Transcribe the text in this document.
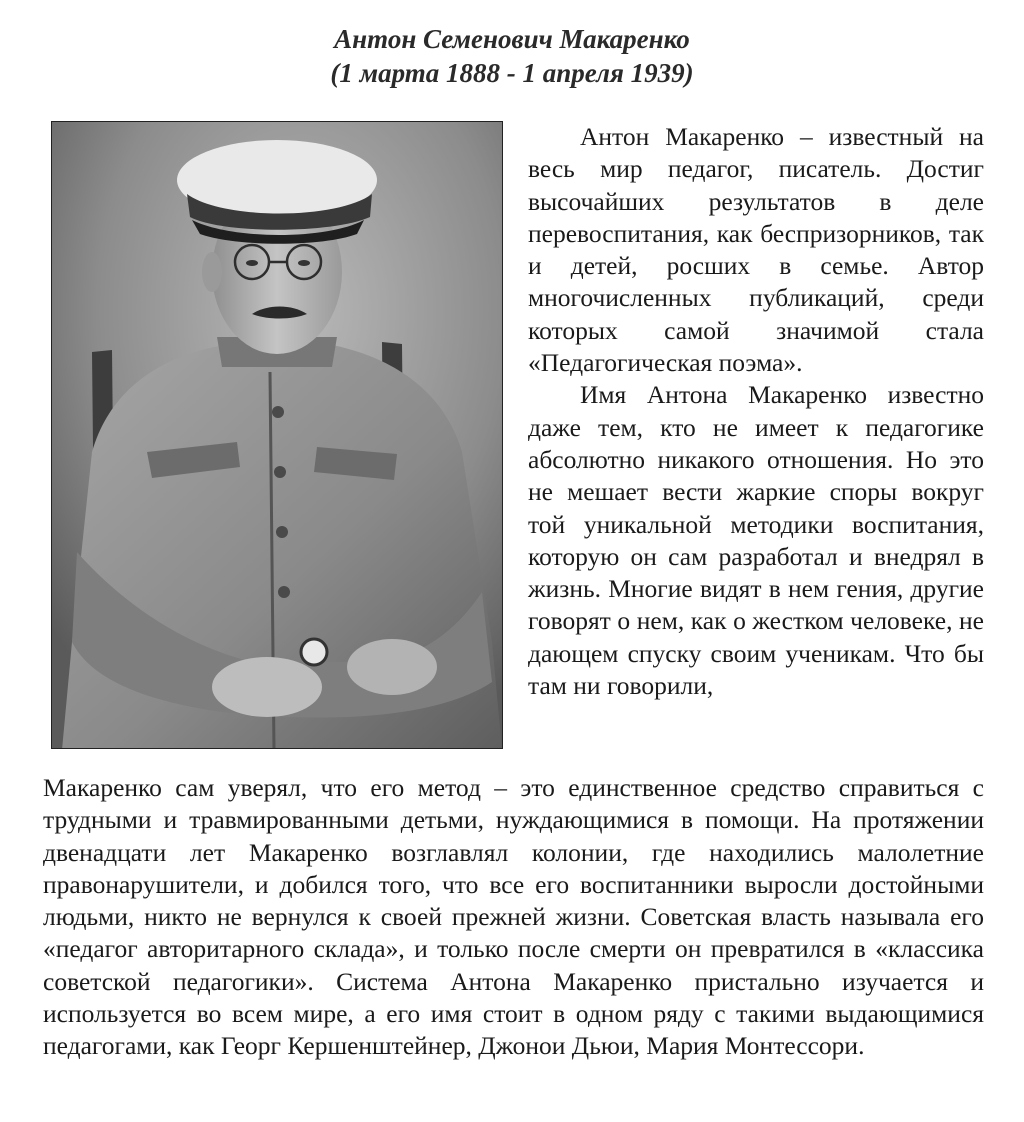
Антон Семенович Макаренко
(1 марта 1888 - 1 апреля 1939)

Антон Макаренко – известный на весь мир педагог, писатель. Достиг высочайших результатов в деле перевоспитания, как беспризорников, так и детей, росших в семье. Автор многочисленных публикаций, среди которых самой значимой стала «Педагогическая поэма».

Имя Антона Макаренко известно даже тем, кто не имеет к педагогике абсолютно никакого отношения. Но это не мешает вести жаркие споры вокруг той уникальной методики воспитания, которую он сам разработал и внедрял в жизнь. Многие видят в нем гения, другие говорят о нем, как о жестком человеке, не дающем спуску своим ученикам. Что бы там ни говорили,

Макаренко сам уверял, что его метод – это единственное средство справиться с трудными и травмированными детьми, нуждающимися в помощи. На протяжении двенадцати лет Макаренко возглавлял колонии, где находились малолетние правонарушители, и добился того, что все его воспитанники выросли достойными людьми, никто не вернулся к своей прежней жизни. Советская власть называла его «педагог авторитарного склада», и только после смерти он превратился в «классика советской педагогики». Система Антона Макаренко пристально изучается и используется во всем мире, а его имя стоит в одном ряду с такими выдающимися педагогами, как Георг Кершенштейнер, Джонои Дьюи, Мария Монтессори.
